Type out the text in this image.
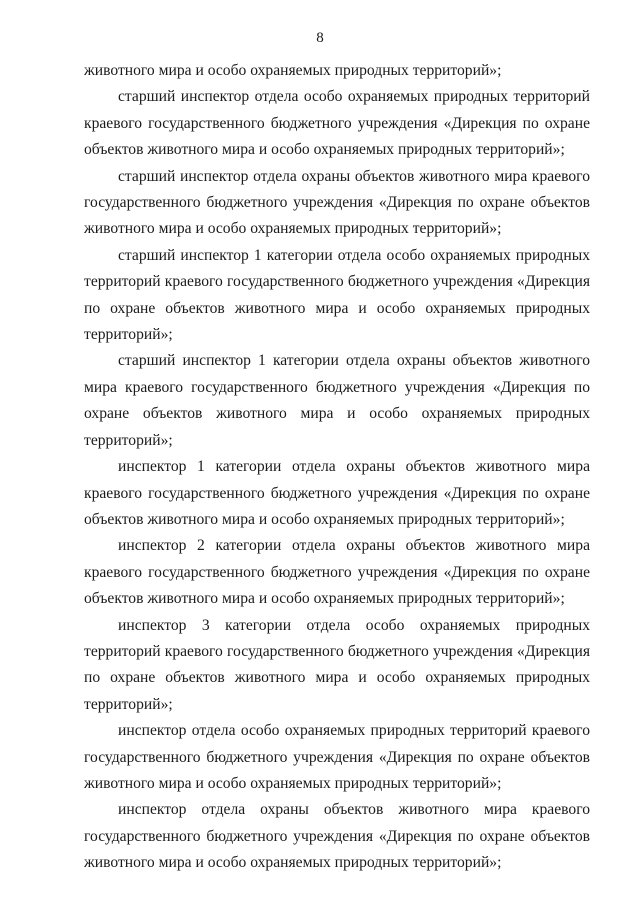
8

животного мира и особо охраняемых природных территорий»;

старший инспектор отдела особо охраняемых природных территорий краевого государственного бюджетного учреждения «Дирекция по охране объектов животного мира и особо охраняемых природных территорий»;

старший инспектор отдела охраны объектов животного мира краевого государственного бюджетного учреждения «Дирекция по охране объектов животного мира и особо охраняемых природных территорий»;

старший инспектор 1 категории отдела особо охраняемых природных территорий краевого государственного бюджетного учреждения «Дирекция по охране объектов животного мира и особо охраняемых природных территорий»;

старший инспектор 1 категории отдела охраны объектов животного мира краевого государственного бюджетного учреждения «Дирекция по охране объектов животного мира и особо охраняемых природных территорий»;

инспектор 1 категории отдела охраны объектов животного мира краевого государственного бюджетного учреждения «Дирекция по охране объектов животного мира и особо охраняемых природных территорий»;

инспектор 2 категории отдела охраны объектов животного мира краевого государственного бюджетного учреждения «Дирекция по охране объектов животного мира и особо охраняемых природных территорий»;

инспектор 3 категории отдела особо охраняемых природных территорий краевого государственного бюджетного учреждения «Дирекция по охране объектов животного мира и особо охраняемых природных территорий»;

инспектор отдела особо охраняемых природных территорий краевого государственного бюджетного учреждения «Дирекция по охране объектов животного мира и особо охраняемых природных территорий»;

инспектор отдела охраны объектов животного мира краевого государственного бюджетного учреждения «Дирекция по охране объектов животного мира и особо охраняемых природных территорий»;
